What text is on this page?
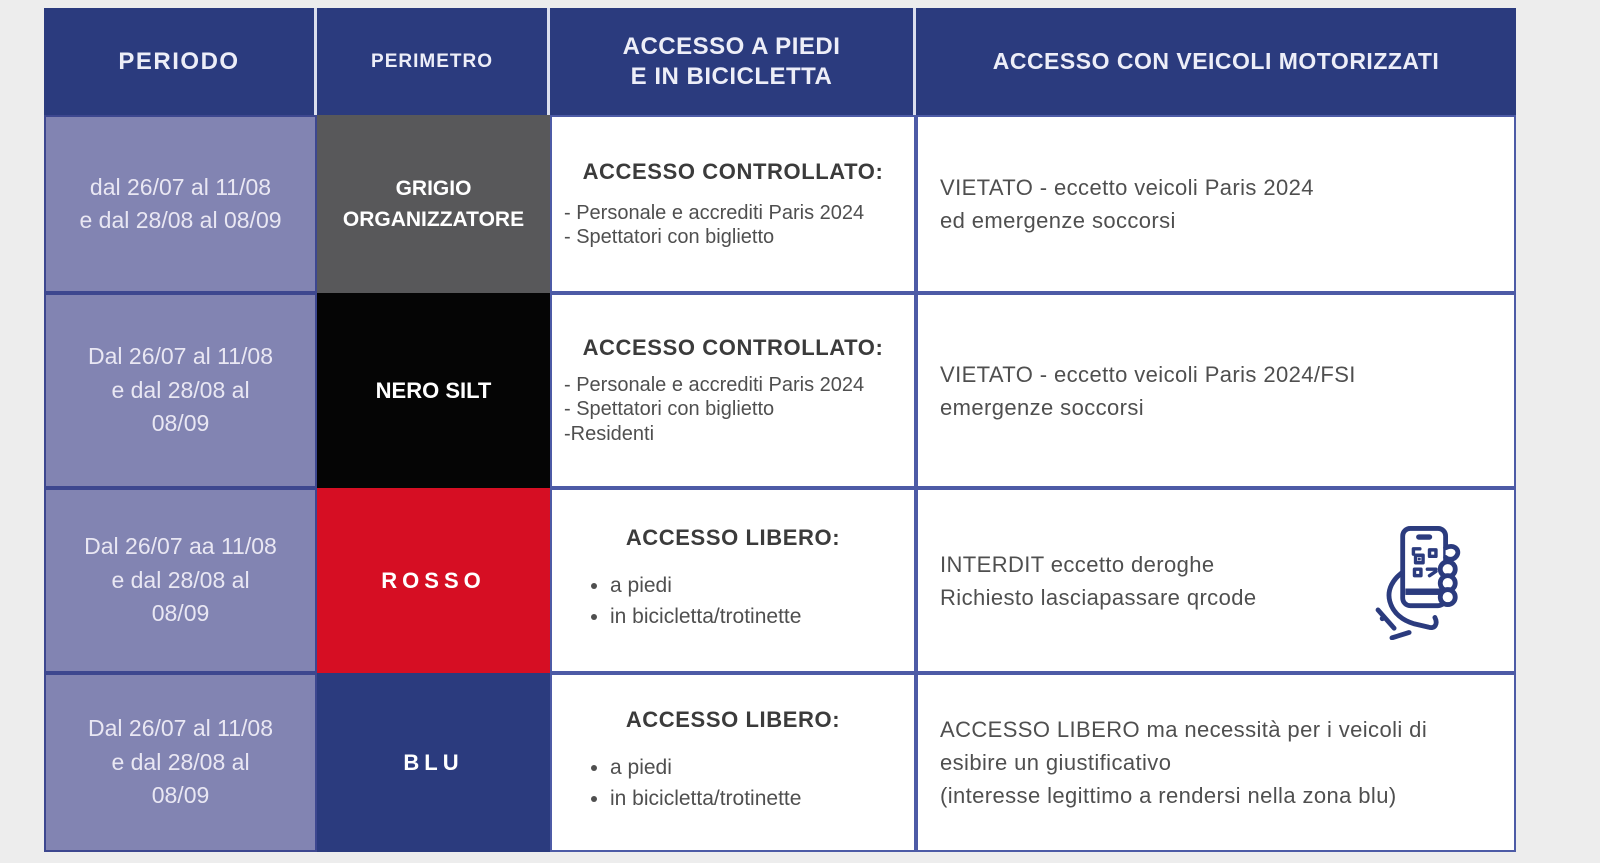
PERIODO	PERIMETRO
ACCESSO A PIEDI
E IN BICICLETTA
ACCESSO CON VEICOLI MOTORIZZATI
dal 26/07 al 11/08
e dal 28/08 al 08/09
GRIGIO
ORGANIZZATORE
ACCESSO CONTROLLATO:
- Personale e accrediti Paris 2024
- Spettatori con biglietto
VIETATO - eccetto veicoli Paris 2024
ed emergenze soccorsi
Dal 26/07 al 11/08
e dal 28/08 al
08/09
NERO SILT
ACCESSO CONTROLLATO:
- Personale e accrediti Paris 2024
- Spettatori con biglietto
-Residenti
VIETATO - eccetto veicoli Paris 2024/FSI
emergenze soccorsi
Dal 26/07 aa 11/08
e dal 28/08 al
08/09
ROSSO
ACCESSO LIBERO:
• a piedi
• in bicicletta/trotinette
INTERDIT eccetto deroghe
Richiesto lasciapassare qrcode
Dal 26/07 al 11/08
e dal 28/08 al
08/09
BLU
ACCESSO LIBERO:
• a piedi
• in bicicletta/trotinette
ACCESSO LIBERO ma necessità per i veicoli di
esibire un giustificativo
(interesse legittimo a rendersi nella zona blu)
